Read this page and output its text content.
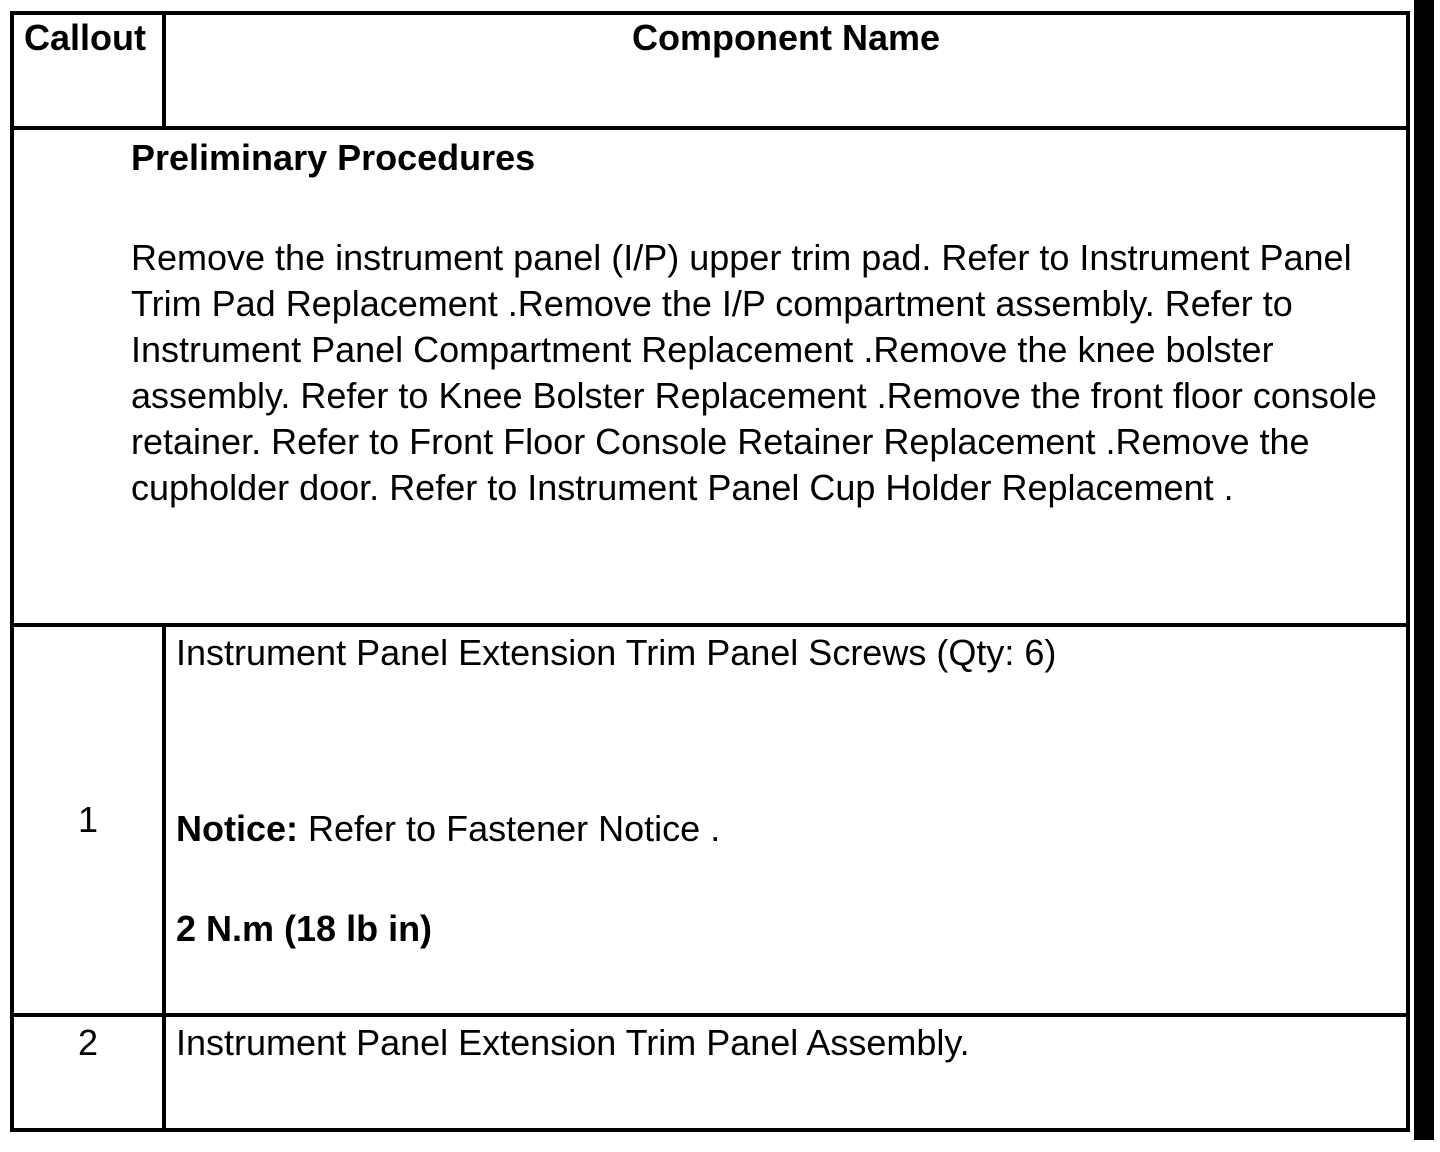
Callout	Component Name

Preliminary Procedures

Remove the instrument panel (I/P) upper trim pad. Refer to Instrument Panel Trim Pad Replacement .Remove the I/P compartment assembly. Refer to Instrument Panel Compartment Replacement .Remove the knee bolster assembly. Refer to Knee Bolster Replacement .Remove the front floor console retainer. Refer to Front Floor Console Retainer Replacement .Remove the cupholder door. Refer to Instrument Panel Cup Holder Replacement .	

1	Instrument Panel Extension Trim Panel Screws (Qty: 6)

Notice: Refer to Fastener Notice .

2 N.m (18 lb in)

2	Instrument Panel Extension Trim Panel Assembly.
